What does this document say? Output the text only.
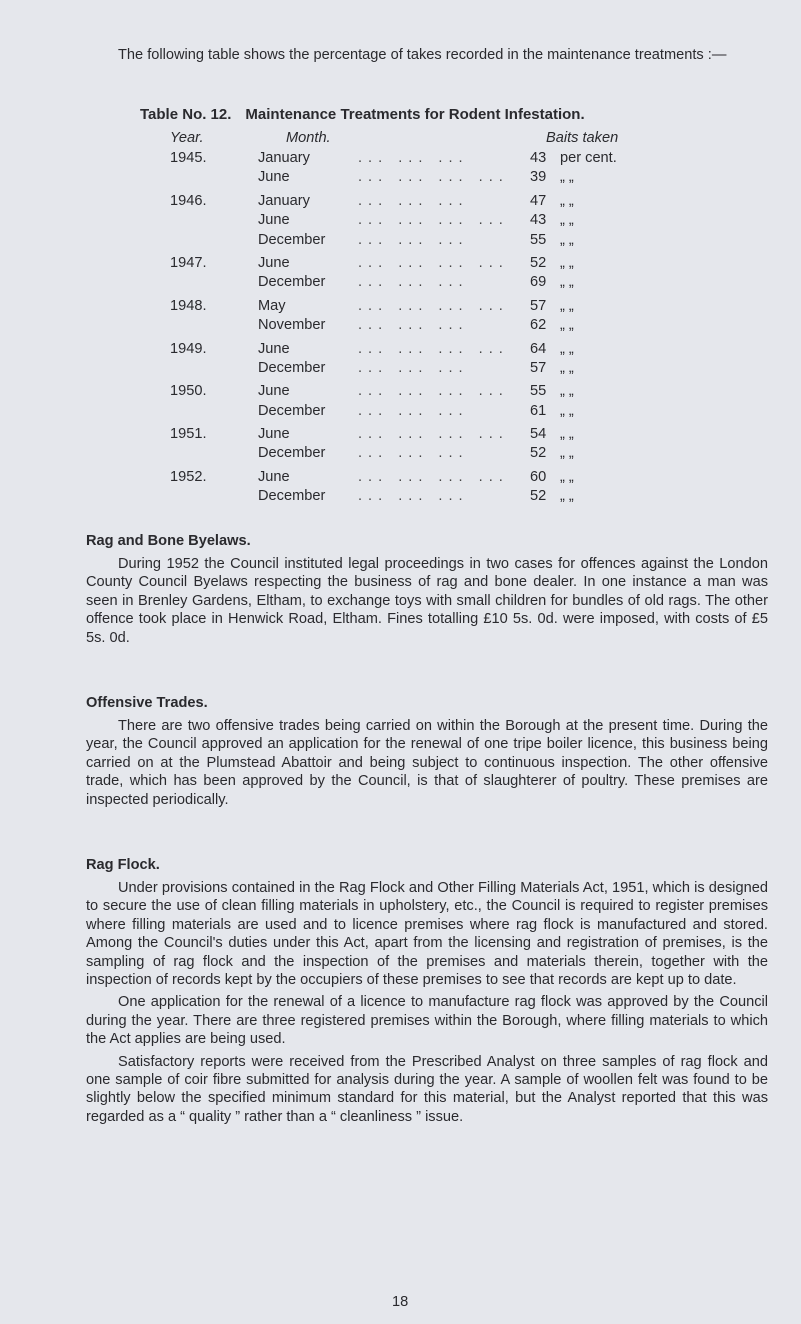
The following table shows the percentage of takes recorded in the maintenance treatments :—

Table No. 12. Maintenance Treatments for Rodent Infestation.
Year.	Month.	Baits taken
1945.	January	... ... ...	43	per cent.
	June	... ... ... ...	39	„ „
1946.	January	... ... ...	47	„ „
	June	... ... ... ...	43	„ „
	December	... ... ...	55	„ „
1947.	June	... ... ... ...	52	„ „
	December	... ... ...	69	„ „
1948.	May	... ... ... ...	57	„ „
	November	... ... ...	62	„ „
1949.	June	... ... ... ...	64	„ „
	December	... ... ...	57	„ „
1950.	June	... ... ... ...	55	„ „
	December	... ... ...	61	„ „
1951.	June	... ... ... ...	54	„ „
	December	... ... ...	52	„ „
1952.	June	... ... ... ...	60	„ „
	December	... ... ...	52	„ „
Rag and Bone Byelaws.

During 1952 the Council instituted legal proceedings in two cases for offences against the London County Council Byelaws respecting the business of rag and bone dealer. In one instance a man was seen in Brenley Gardens, Eltham, to exchange toys with small children for bundles of old rags. The other offence took place in Henwick Road, Eltham. Fines totalling £10 5s. 0d. were imposed, with costs of £5 5s. 0d.

Offensive Trades.

There are two offensive trades being carried on within the Borough at the present time. During the year, the Council approved an application for the renewal of one tripe boiler licence, this business being carried on at the Plumstead Abattoir and being subject to continuous inspection. The other offensive trade, which has been approved by the Council, is that of slaughterer of poultry. These premises are inspected periodically.

Rag Flock.

Under provisions contained in the Rag Flock and Other Filling Materials Act, 1951, which is designed to secure the use of clean filling materials in upholstery, etc., the Council is required to register premises where filling materials are used and to licence premises where rag flock is manufactured and stored. Among the Council's duties under this Act, apart from the licensing and registration of premises, is the sampling of rag flock and the inspection of the premises and materials therein, together with the inspection of records kept by the occupiers of these premises to see that records are kept up to date.

One application for the renewal of a licence to manufacture rag flock was approved by the Council during the year. There are three registered premises within the Borough, where filling materials to which the Act applies are being used.

Satisfactory reports were received from the Prescribed Analyst on three samples of rag flock and one sample of coir fibre submitted for analysis during the year. A sample of woollen felt was found to be slightly below the specified minimum standard for this material, but the Analyst reported that this was regarded as a “ quality ” rather than a “ cleanliness ” issue.

18
